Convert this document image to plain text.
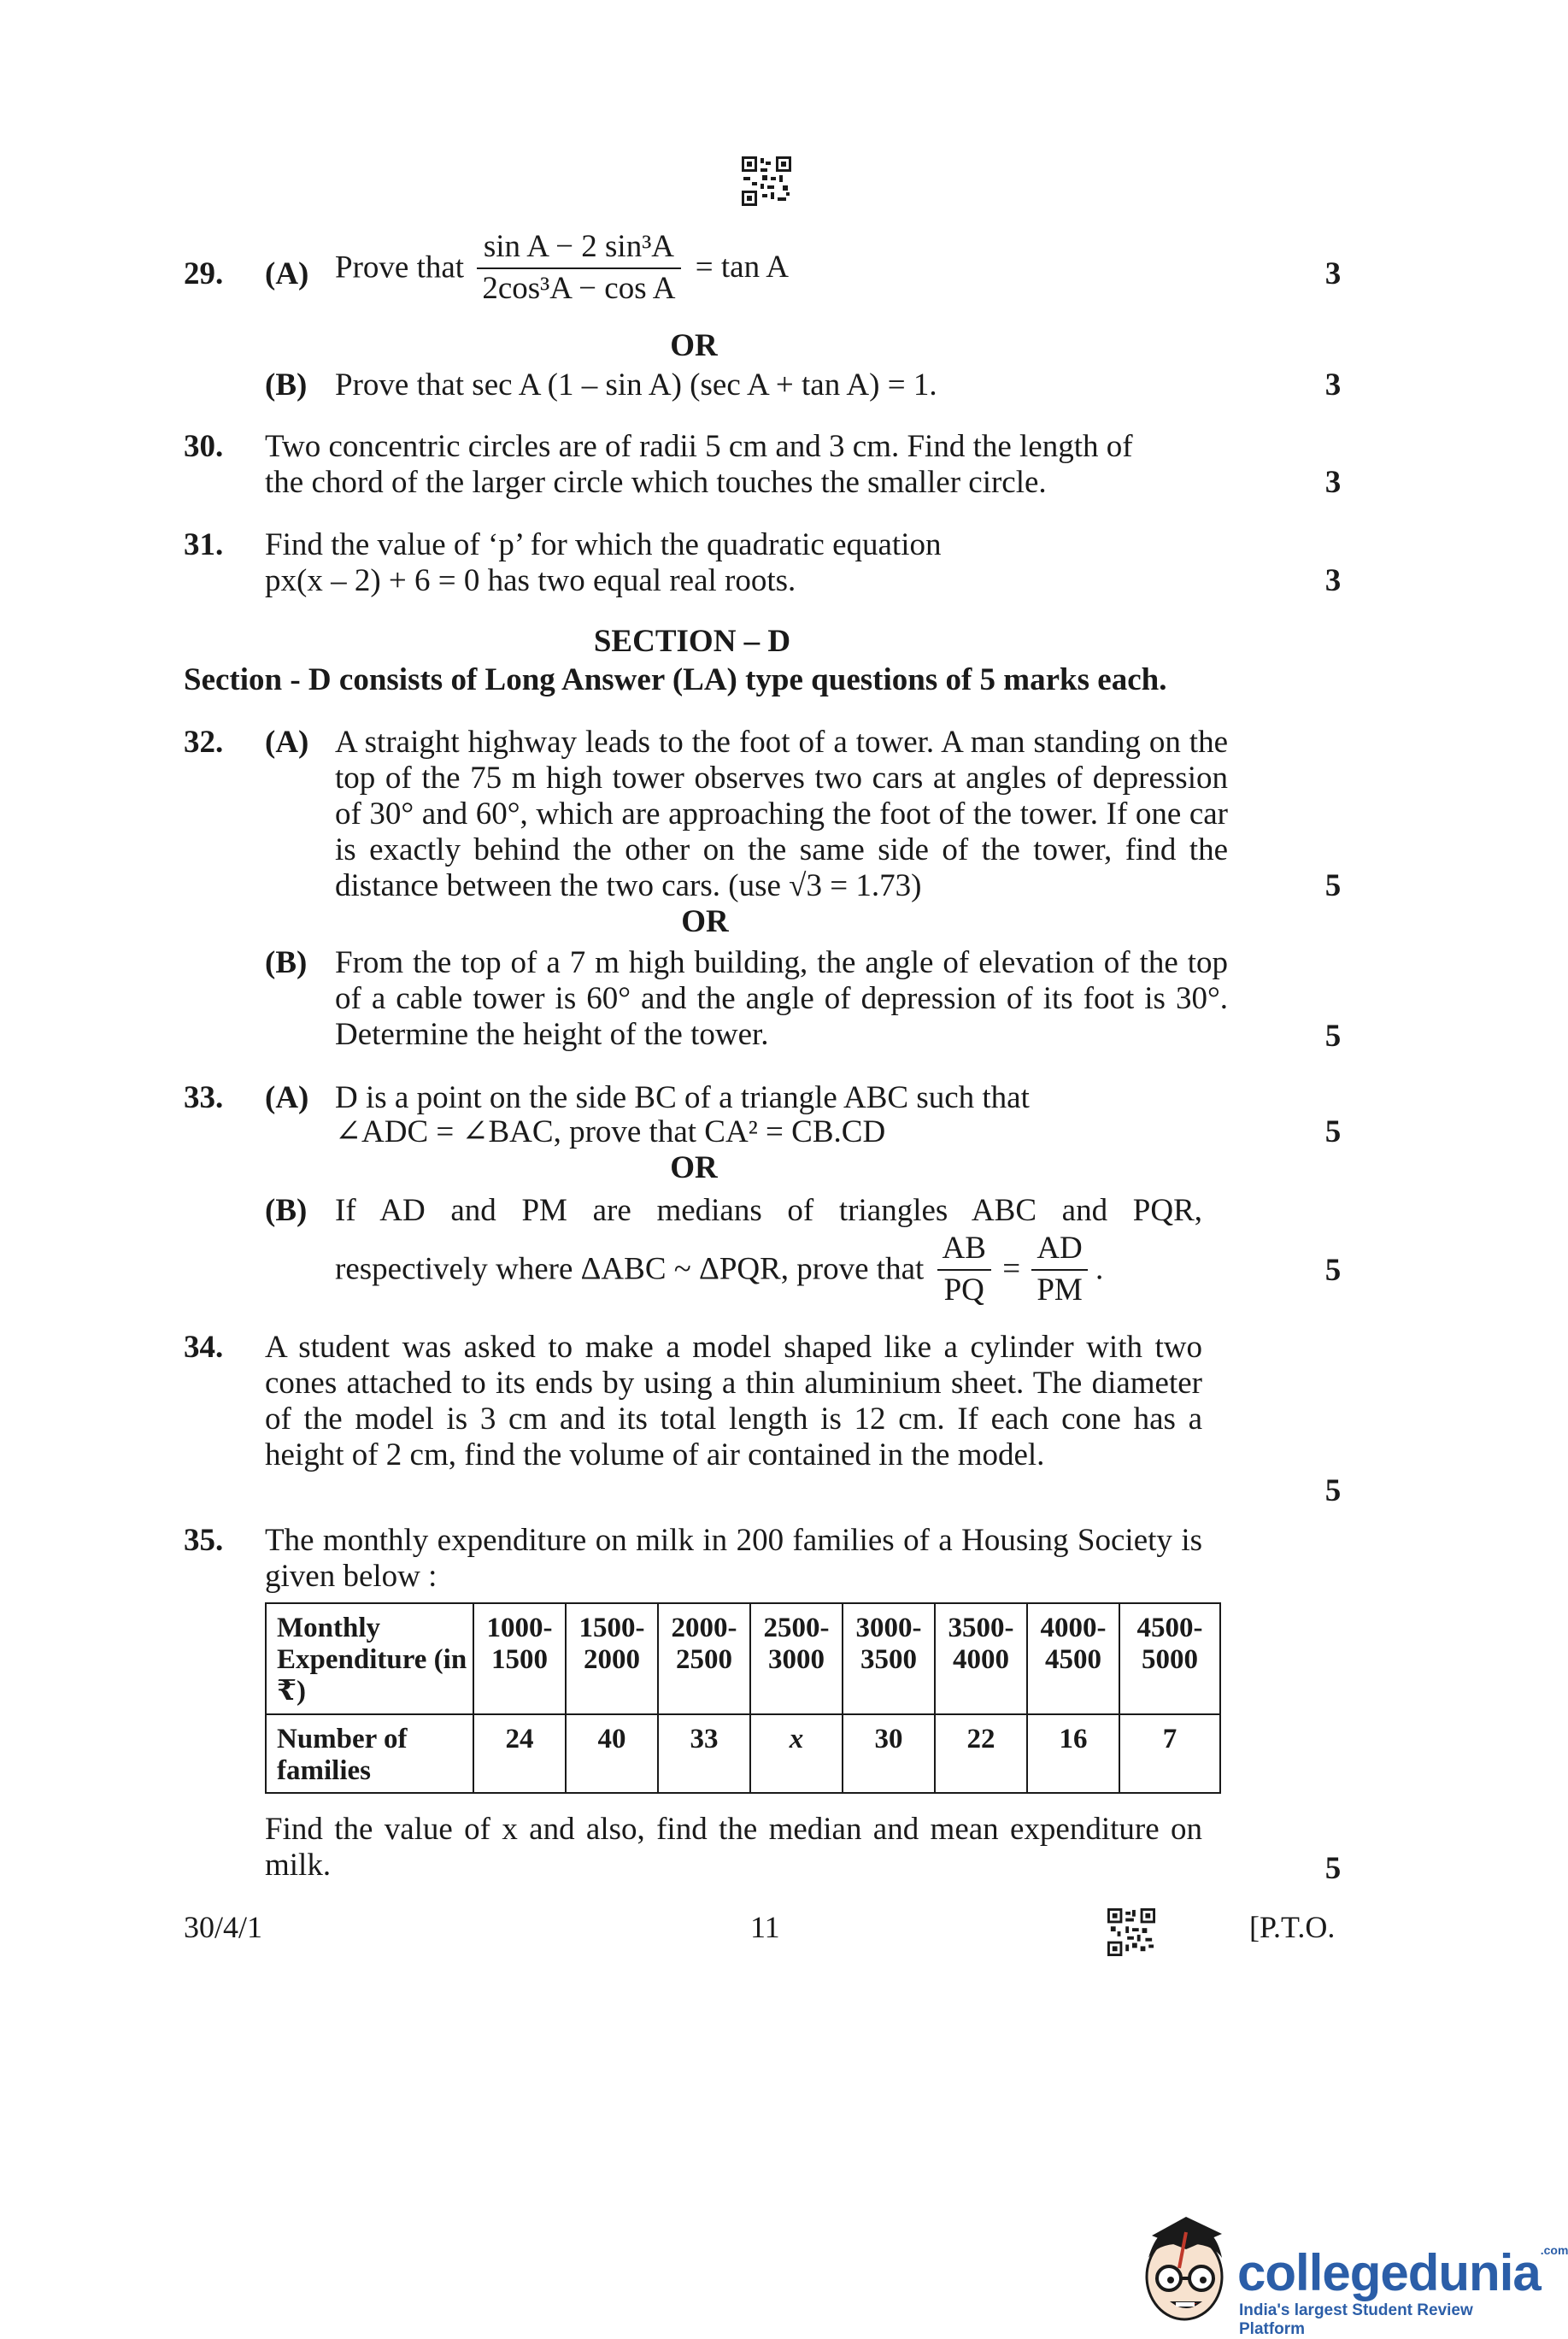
29. (A) Prove that $\frac{\text{sin A − 2 sin³A}}{\text{2cos³A − cos A}} = \tan A$	3
OR
(B) Prove that sec A (1 – sin A) (sec A + tan A) = 1.	3
30. Two concentric circles are of radii 5 cm and 3 cm. Find the length of
the chord of the larger circle which touches the smaller circle.	3
31. Find the value of ‘p’ for which the quadratic equation
px(x – 2) + 6 = 0 has two equal real roots.	3
SECTION – D
Section - D consists of Long Answer (LA) type questions of 5 marks each.
32. (A) A straight highway leads to the foot of a tower. A man standing on the top of the 75 m high tower observes two cars at angles of depression of 30° and 60°, which are approaching the foot of the tower. If one car is exactly behind the other on the same side of the tower, find the distance between the two cars. (use √3 = 1.73)	5
OR
(B) From the top of a 7 m high building, the angle of elevation of the top of a cable tower is 60° and the angle of depression of its foot is 30°. Determine the height of the tower.	5
33. (A) D is a point on the side BC of a triangle ABC such that
∠ADC = ∠BAC, prove that CA² = CB.CD	5
OR
(B) If AD and PM are medians of triangles ABC and PQR,
respectively where ΔABC ~ ΔPQR, prove that $\frac{AB}{PQ} = \frac{AD}{PM}$ .	5
34. A student was asked to make a model shaped like a cylinder with two cones attached to its ends by using a thin aluminium sheet. The diameter of the model is 3 cm and its total length is 12 cm. If each cone has a height of 2 cm, find the volume of air contained in the model.
5
35. The monthly expenditure on milk in 200 families of a Housing Society is given below :
Monthly Expenditure (in ₹)	1000-1500	1500-2000	2000-2500	2500-3000	3000-3500	3500-4000	4000-4500	4500-5000
Number of families	24	40	33	x	30	22	16	7
Find the value of x and also, find the median and mean expenditure on milk.	5
30/4/1	11	[P.T.O.
collegedunia$^{.com}$
India's largest Student Review Platform
